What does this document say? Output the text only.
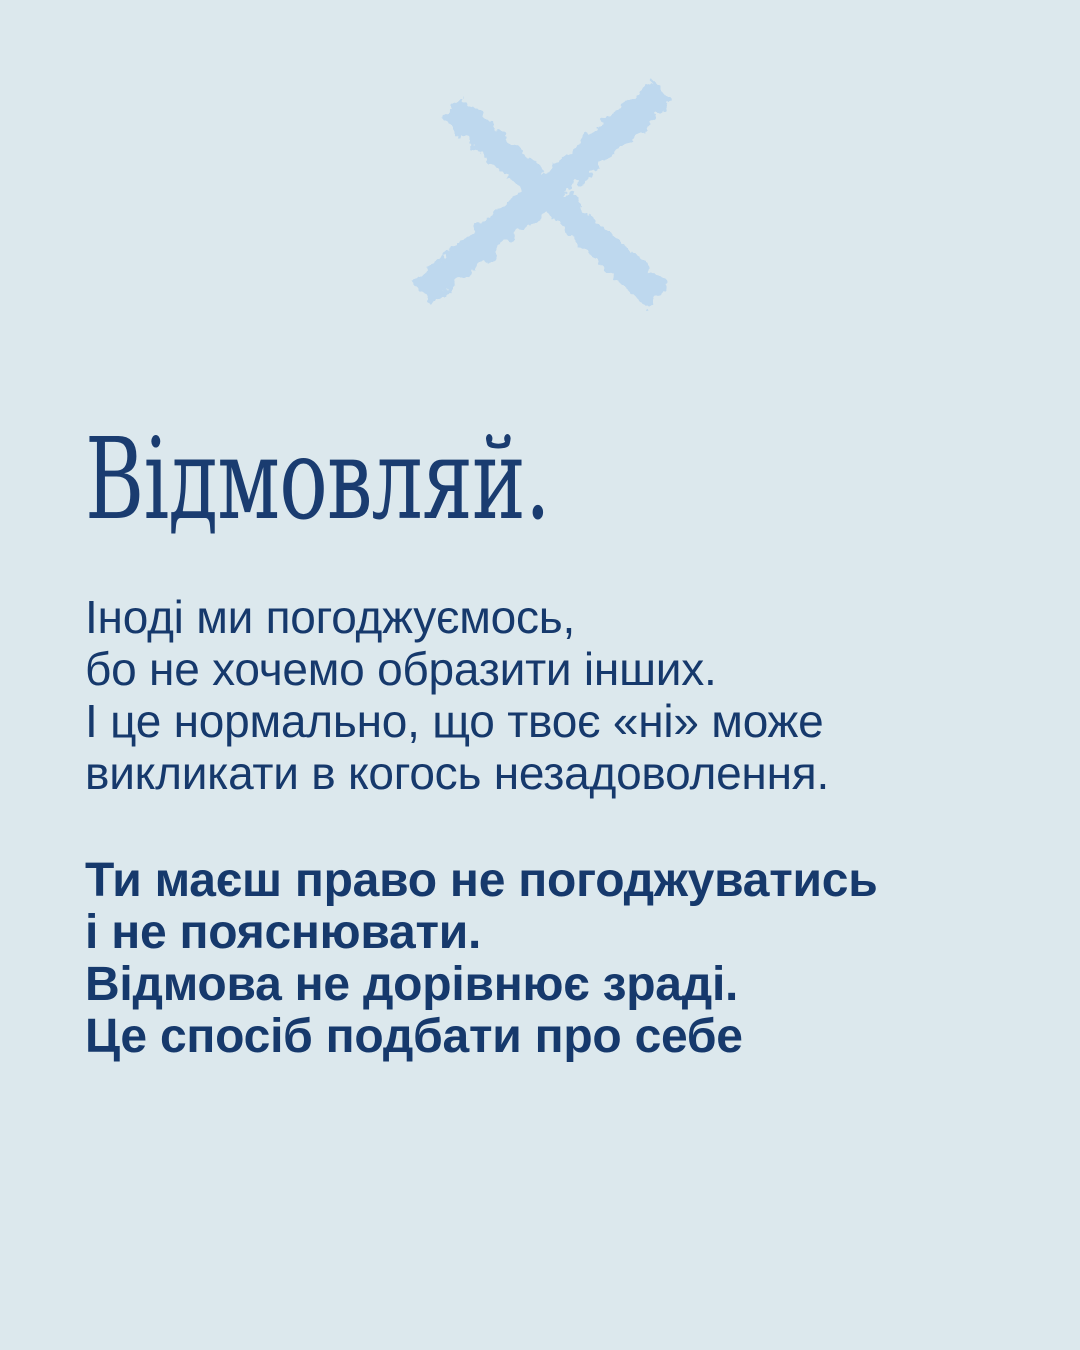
Відмовляй.

Іноді ми погоджуємось,
бо не хочемо образити інших.
І це нормально, що твоє «ні» може
викликати в когось незадоволення.

Ти маєш право не погоджуватись
і не пояснювати.
Відмова не дорівнює зраді.
Це спосіб подбати про себе
